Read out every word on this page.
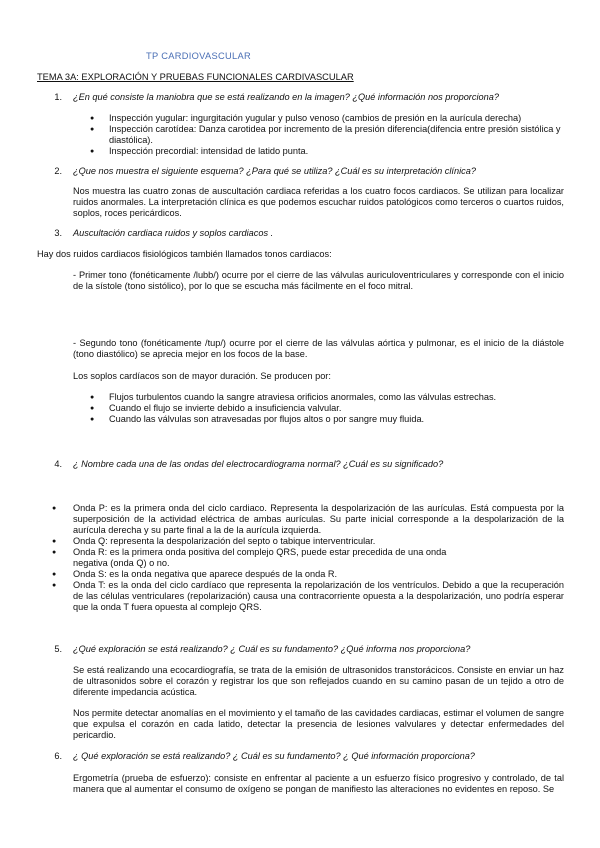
TP CARDIOVASCULAR
TEMA 3A: EXPLORACIÓN Y PRUEBAS FUNCIONALES CARDIVASCULAR
1. ¿En qué consiste la maniobra que se está realizando en la imagen? ¿Qué información nos proporciona?
● Inspección yugular: ingurgitación yugular y pulso venoso (cambios de presión en la aurícula derecha)
● Inspección carotídea: Danza carotidea por incremento de la presión diferencia(difencia entre presión sistólica y diastólica).
● Inspección precordial: intensidad de latido punta.
2. ¿Que nos muestra el siguiente esquema? ¿Para qué se utiliza? ¿Cuál es su interpretación clínica?

Nos muestra las cuatro zonas de auscultación cardiaca referidas a los cuatro focos cardiacos. Se utilizan para localizar ruidos anormales. La interpretación clínica es que podemos escuchar ruidos patológicos como terceros o cuartos ruidos, soplos, roces pericárdicos.

3. Auscultación cardiaca ruidos y soplos cardiacos .

Hay dos ruidos cardiacos fisiológicos también llamados tonos cardiacos:

- Primer tono (fonéticamente /lubb/) ocurre por el cierre de las válvulas auriculoventriculares y corresponde con el inicio de la sístole (tono sistólico), por lo que se escucha más fácilmente en el foco mitral.

- Segundo tono (fonéticamente /tup/) ocurre por el cierre de las válvulas aórtica y pulmonar, es el inicio de la diástole (tono diastólico) se aprecia mejor en los focos de la base.

Los soplos cardíacos son de mayor duración. Se producen por:

● Flujos turbulentos cuando la sangre atraviesa orificios anormales, como las válvulas estrechas.
● Cuando el flujo se invierte debido a insuficiencia valvular.
● Cuando las válvulas son atravesadas por flujos altos o por sangre muy fluida.
4. ¿ Nombre cada una de las ondas del electrocardiograma normal? ¿Cuál es su significado?
● Onda P: es la primera onda del ciclo cardiaco. Representa la despolarización de las aurículas. Está compuesta por la superposición de la actividad eléctrica de ambas aurículas. Su parte inicial corresponde a la despolarización de la aurícula derecha y su parte final a la de la aurícula izquierda.
● Onda Q: representa la despolarización del septo o tabique interventricular.
● Onda R: es la primera onda positiva del complejo QRS, puede estar precedida de una onda negativa (onda Q) o no.
● Onda S: es la onda negativa que aparece después de la onda R.
● Onda T: es la onda del ciclo cardíaco que representa la repolarización de los ventrículos. Debido a que la recuperación de las células ventriculares (repolarización) causa una contracorriente opuesta a la despolarización, uno podría esperar que la onda T fuera opuesta al complejo QRS.
5. ¿Qué exploración se está realizando? ¿ Cuál es su fundamento? ¿Qué informa nos proporciona?

Se está realizando una ecocardiografía, se trata de la emisión de ultrasonidos transtorácicos. Consiste en enviar un haz de ultrasonidos sobre el corazón y registrar los que son reflejados cuando en su camino pasan de un tejido a otro de diferente impedancia acústica.

Nos permite detectar anomalías en el movimiento y el tamaño de las cavidades cardiacas, estimar el volumen de sangre que expulsa el corazón en cada latido, detectar la presencia de lesiones valvulares y detectar enfermedades del pericardio.

6. ¿ Qué exploración se está realizando? ¿ Cuál es su fundamento? ¿ Qué información proporciona?

Ergometría (prueba de esfuerzo): consiste en enfrentar al paciente a un esfuerzo físico progresivo y controlado, de tal manera que al aumentar el consumo de oxígeno se pongan de manifiesto las alteraciones no evidentes en reposo. Se
